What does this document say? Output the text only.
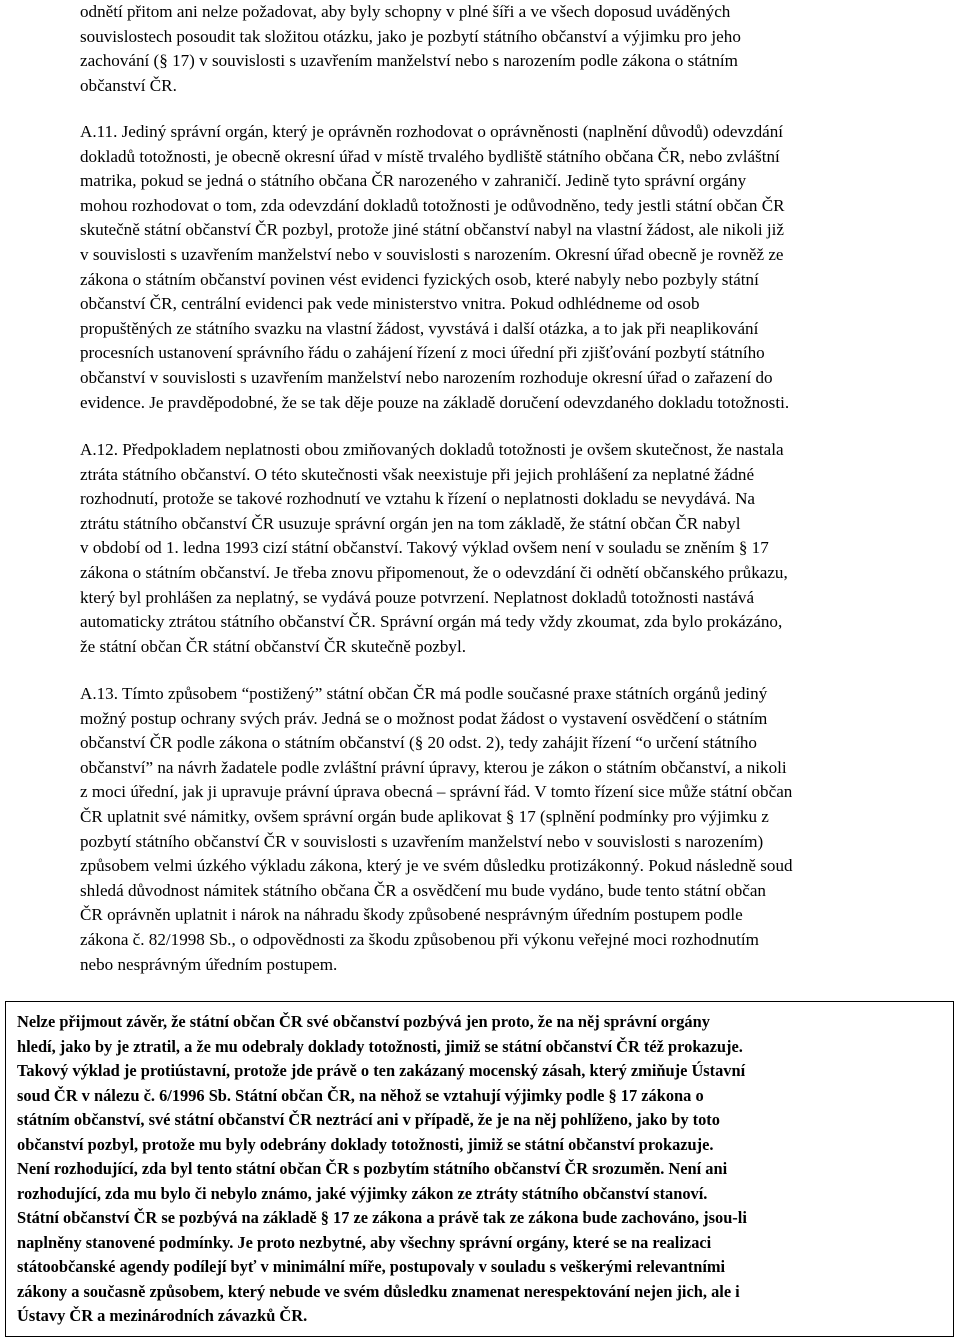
odnětí přitom ani nelze požadovat, aby byly schopny v plné šíři a ve všech doposud uváděných
souvislostech posoudit tak složitou otázku, jako je pozbytí státního občanství a výjimku pro jeho
zachování (§ 17) v souvislosti s uzavřením manželství nebo s narozením podle zákona o státním
občanství ČR.
A.11. Jediný správní orgán, který je oprávněn rozhodovat o oprávněnosti (naplnění důvodů) odevzdání
dokladů totožnosti, je obecně okresní úřad v místě trvalého bydliště státního občana ČR, nebo zvláštní
matrika, pokud se jedná o státního občana ČR narozeného v zahraničí. Jedině tyto správní orgány
mohou rozhodovat o tom, zda odevzdání dokladů totožnosti je odůvodněno, tedy jestli státní občan ČR
skutečně státní občanství ČR pozbyl, protože jiné státní občanství nabyl na vlastní žádost, ale nikoli již
v souvislosti s uzavřením manželství nebo v souvislosti s narozením. Okresní úřad obecně je rovněž ze
zákona o státním občanství povinen vést evidenci fyzických osob, které nabyly nebo pozbyly státní
občanství ČR, centrální evidenci pak vede ministerstvo vnitra. Pokud odhlédneme od osob
propuštěných ze státního svazku na vlastní žádost, vyvstává i další otázka, a to jak při neaplikování
procesních ustanovení správního řádu o zahájení řízení z moci úřední při zjišťování pozbytí státního
občanství v souvislosti s uzavřením manželství nebo narozením rozhoduje okresní úřad o zařazení do
evidence. Je pravděpodobné, že se tak děje pouze na základě doručení odevzdaného dokladu totožnosti.
A.12. Předpokladem neplatnosti obou zmiňovaných dokladů totožnosti je ovšem skutečnost, že nastala
ztráta státního občanství. O této skutečnosti však neexistuje při jejich prohlášení za neplatné žádné
rozhodnutí, protože se takové rozhodnutí ve vztahu k řízení o neplatnosti dokladu se nevydává. Na
ztrátu státního občanství ČR usuzuje správní orgán jen na tom základě, že státní občan ČR nabyl
v období od 1. ledna 1993 cizí státní občanství. Takový výklad ovšem není v souladu se zněním § 17
zákona o státním občanství. Je třeba znovu připomenout, že o odevzdání či odnětí občanského průkazu,
který byl prohlášen za neplatný, se vydává pouze potvrzení. Neplatnost dokladů totožnosti nastává
automaticky ztrátou státního občanství ČR. Správní orgán má tedy vždy zkoumat, zda bylo prokázáno,
že státní občan ČR státní občanství ČR skutečně pozbyl.
A.13. Tímto způsobem “postižený” státní občan ČR má podle současné praxe státních orgánů jediný
možný postup ochrany svých práv. Jedná se o možnost podat žádost o vystavení osvědčení o státním
občanství ČR podle zákona o státním občanství (§ 20 odst. 2), tedy zahájit řízení “o určení státního
občanství” na návrh žadatele podle zvláštní právní úpravy, kterou je zákon o státním občanství, a nikoli
z moci úřední, jak ji upravuje právní úprava obecná – správní řád. V tomto řízení sice může státní občan
ČR uplatnit své námitky, ovšem správní orgán bude aplikovat § 17 (splnění podmínky pro výjimku z
pozbytí státního občanství ČR v souvislosti s uzavřením manželství nebo v souvislosti s narozením)
způsobem velmi úzkého výkladu zákona, který je ve svém důsledku protizákonný. Pokud následně soud
shledá důvodnost námitek státního občana ČR a osvědčení mu bude vydáno, bude tento státní občan
ČR oprávněn uplatnit i nárok na náhradu škody způsobené nesprávným úředním postupem podle
zákona č. 82/1998 Sb., o odpovědnosti za škodu způsobenou při výkonu veřejné moci rozhodnutím
nebo nesprávným úředním postupem.
Nelze přijmout závěr, že státní občan ČR své občanství pozbývá jen proto, že na něj správní orgány
hledí, jako by je ztratil, a že mu odebraly doklady totožnosti, jimiž se státní občanství ČR též prokazuje.
Takový výklad je protiústavní, protože jde právě o ten zakázaný mocenský zásah, který zmiňuje Ústavní
soud ČR v nálezu č. 6/1996 Sb. Státní občan ČR, na něhož se vztahují výjimky podle § 17 zákona o
státním občanství, své státní občanství ČR neztrácí ani v případě, že je na něj pohlíženo, jako by toto
občanství pozbyl, protože mu byly odebrány doklady totožnosti, jimiž se státní občanství prokazuje.
Není rozhodující, zda byl tento státní občan ČR s pozbytím státního občanství ČR srozuměn. Není ani
rozhodující, zda mu bylo či nebylo známo, jaké výjimky zákon ze ztráty státního občanství stanoví.
Státní občanství ČR se pozbývá na základě § 17 ze zákona a právě tak ze zákona bude zachováno, jsou-li
naplněny stanovené podmínky. Je proto nezbytné, aby všechny správní orgány, které se na realizaci
státoobčanské agendy podílejí byť v minimální míře, postupovaly v souladu s veškerými relevantními
zákony a současně způsobem, který nebude ve svém důsledku znamenat nerespektování nejen jich, ale i
Ústavy ČR a mezinárodních závazků ČR.
